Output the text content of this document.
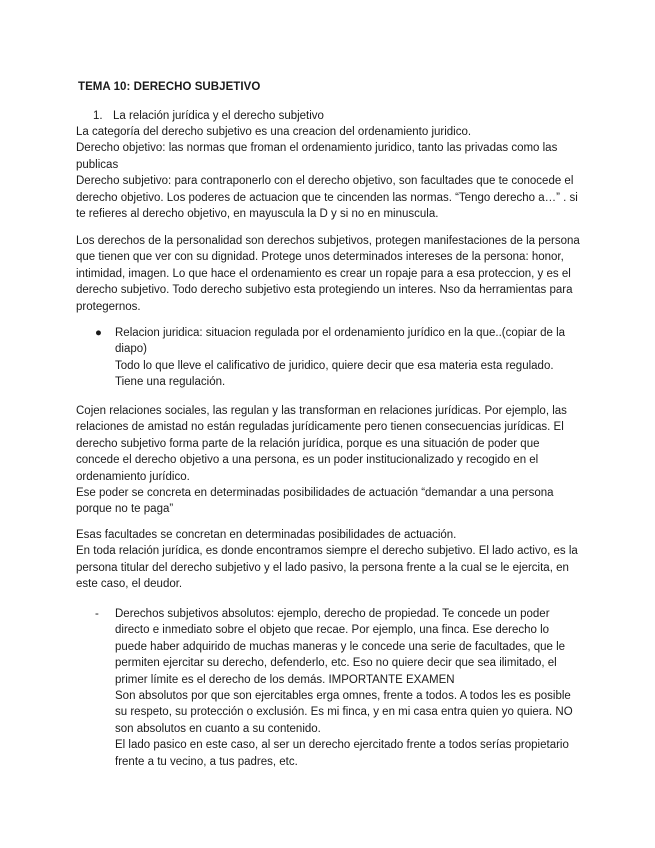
TEMA 10: DERECHO SUBJETIVO
1. La relación jurídica y el derecho subjetivo

La categoría del derecho subjetivo es una creacion del ordenamiento juridico.

Derecho objetivo: las normas que froman el ordenamiento juridico, tanto las privadas como las publicas

Derecho subjetivo: para contraponerlo con el derecho objetivo, son facultades que te conocede el derecho objetivo. Los poderes de actuacion que te cincenden las normas. “Tengo derecho a…” . si te refieres al derecho objetivo, en mayuscula la D y si no en minuscula.

Los derechos de la personalidad son derechos subjetivos, protegen manifestaciones de la persona que tienen que ver con su dignidad. Protege unos determinados intereses de la persona: honor, intimidad, imagen. Lo que hace el ordenamiento es crear un ropaje para a esa proteccion, y es el derecho subjetivo. Todo derecho subjetivo esta protegiendo un interes. Nso da herramientas para protegernos.

● Relacion juridica: situacion regulada por el ordenamiento jurídico en la que..(copiar de la diapo)

Todo lo que lleve el calificativo de juridico, quiere decir que esa materia esta regulado. Tiene una regulación.

Cojen relaciones sociales, las regulan y las transforman en relaciones jurídicas. Por ejemplo, las relaciones de amistad no están reguladas jurídicamente pero tienen consecuencias jurídicas. El derecho subjetivo forma parte de la relación jurídica, porque es una situación de poder que concede el derecho objetivo a una persona, es un poder institucionalizado y recogido en el ordenamiento jurídico.

Ese poder se concreta en determinadas posibilidades de actuación “demandar a una persona porque no te paga”

Esas facultades se concretan en determinadas posibilidades de actuación.

En toda relación jurídica, es donde encontramos siempre el derecho subjetivo. El lado activo, es la persona titular del derecho subjetivo y el lado pasivo, la persona frente a la cual se le ejercita, en este caso, el deudor.

- Derechos subjetivos absolutos: ejemplo, derecho de propiedad. Te concede un poder directo e inmediato sobre el objeto que recae. Por ejemplo, una finca. Ese derecho lo puede haber adquirido de muchas maneras y le concede una serie de facultades, que le permiten ejercitar su derecho, defenderlo, etc. Eso no quiere decir que sea ilimitado, el primer límite es el derecho de los demás. IMPORTANTE EXAMEN

Son absolutos por que son ejercitables erga omnes, frente a todos. A todos les es posible su respeto, su protección o exclusión. Es mi finca, y en mi casa entra quien yo quiera. NO son absolutos en cuanto a su contenido.

El lado pasico en este caso, al ser un derecho ejercitado frente a todos serías propietario frente a tu vecino, a tus padres, etc.
